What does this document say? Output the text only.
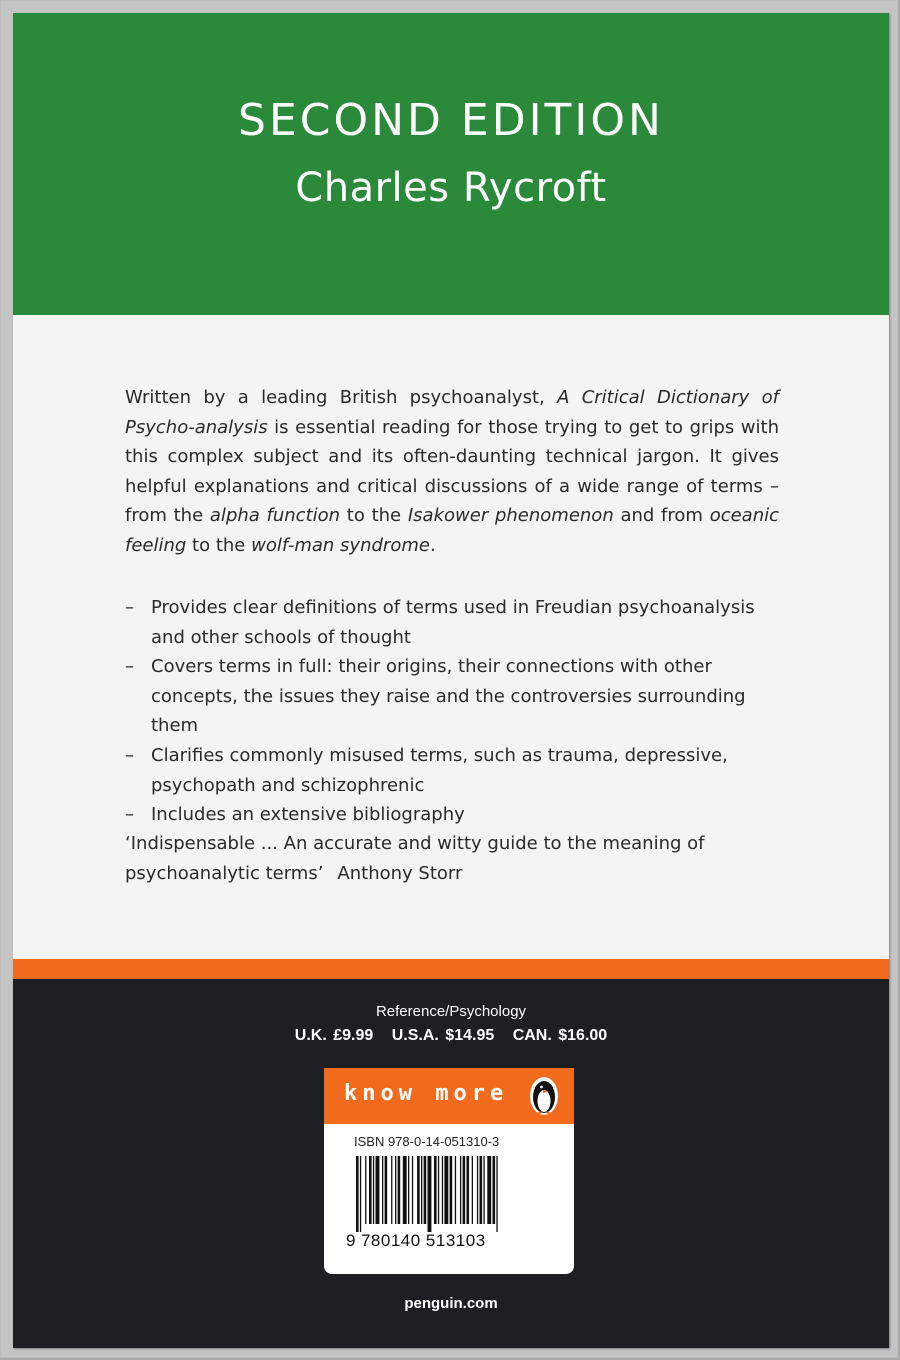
SECOND EDITION
Charles Rycroft

Written by a leading British psychoanalyst, A Critical Dictionary of Psycho-analysis is essential reading for those trying to get to grips with this complex subject and its often-daunting technical jargon. It gives helpful explanations and critical discussions of a wide range of terms – from the alpha function to the Isakower phenomenon and from oceanic feeling to the wolf-man syndrome.

– Provides clear definitions of terms used in Freudian psychoanalysis and other schools of thought
– Covers terms in full: their origins, their connections with other concepts, the issues they raise and the controversies surrounding them
– Clarifies commonly misused terms, such as trauma, depressive, psychopath and schizophrenic
– Includes an extensive bibliography

‘Indispensable ... An accurate and witty guide to the meaning of psychoanalytic terms’ Anthony Storr

Reference/Psychology
U.K. £9.99 U.S.A. $14.95 CAN. $16.00
know more
ISBN 978-0-14-051310-3
9 780140 513103
penguin.com
